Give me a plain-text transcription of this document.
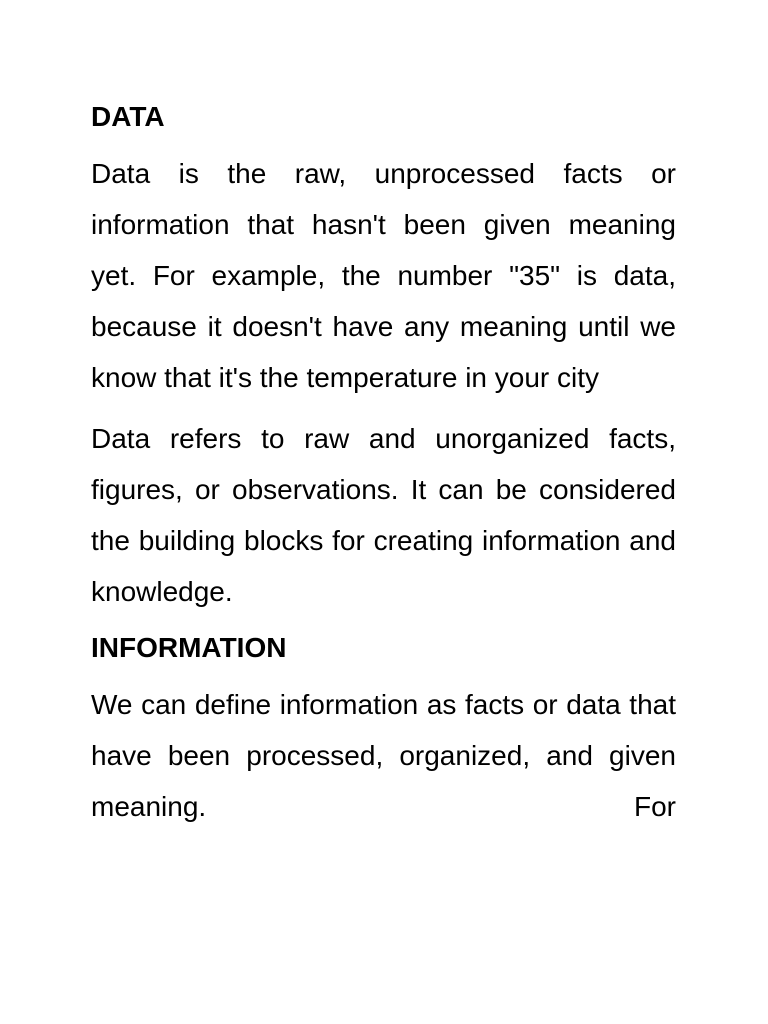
DATA

Data is the raw, unprocessed facts or information that hasn't been given meaning yet. For example, the number "35" is data, because it doesn't have any meaning until we know that it's the temperature in your city

Data refers to raw and unorganized facts, figures, or observations. It can be considered the building blocks for creating information and knowledge.

INFORMATION

We can define information as facts or data that have been processed, organized, and given meaning. For
